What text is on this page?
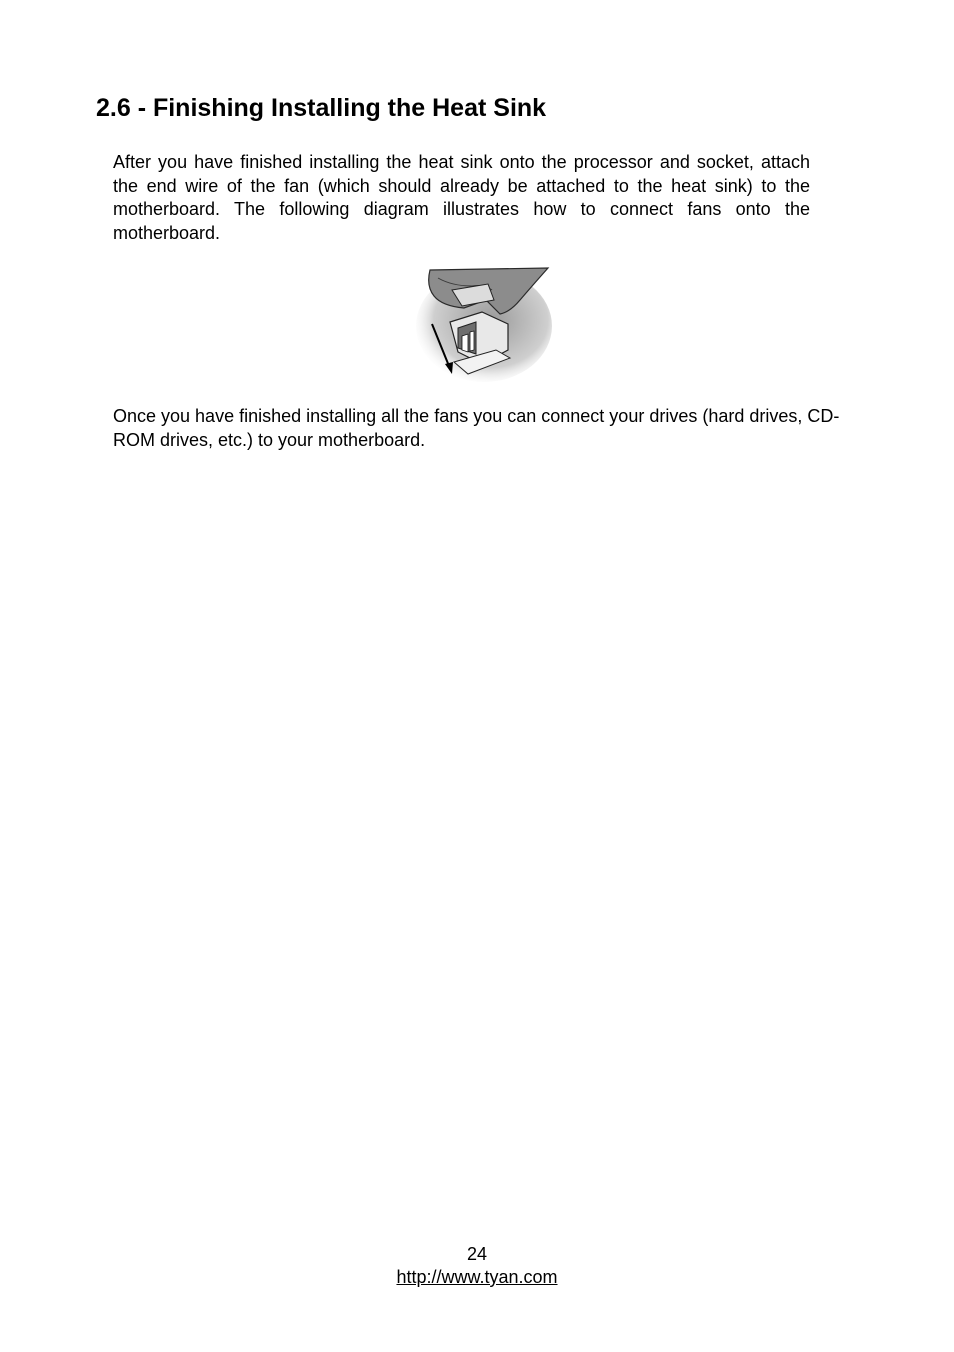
2.6 - Finishing Installing the Heat Sink

After you have finished installing the heat sink onto the processor and socket, attach the end wire of the fan (which should already be attached to the heat sink) to the motherboard. The following diagram illustrates how to connect fans onto the motherboard.

Once you have finished installing all the fans you can connect your drives (hard drives, CD-ROM drives, etc.) to your motherboard.

24
http://www.tyan.com
